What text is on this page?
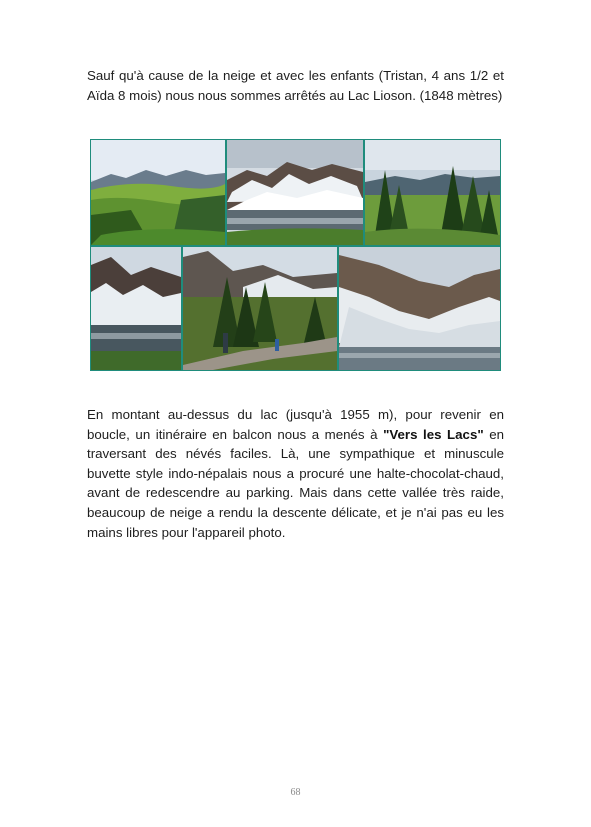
Sauf qu'à cause de la neige et avec les enfants (Tristan, 4 ans 1/2 et Aïda 8 mois) nous nous sommes arrêtés au Lac Lioson. (1848 mètres)

En montant au-dessus du lac (jusqu'à 1955 m), pour revenir en boucle, un itinéraire en balcon nous a menés à "Vers les Lacs" en traversant des névés faciles. Là, une sympathique et minuscule buvette style indo-népalais nous a procuré une halte-chocolat-chaud, avant de redescendre au parking. Mais dans cette vallée très raide, beaucoup de neige a rendu la descente délicate, et je n'ai pas eu les mains libres pour l'appareil photo.

68
